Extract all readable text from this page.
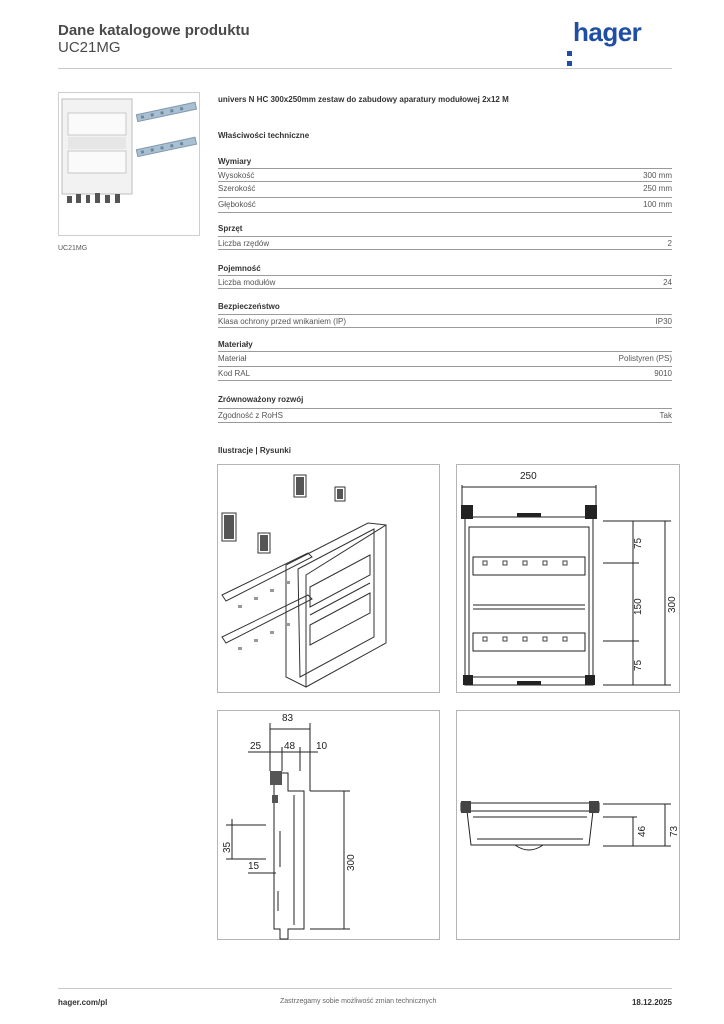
Dane katalogowe produktu
UC21MG
hager
UC21MG
univers N HC 300x250mm zestaw do zabudowy aparatury modułowej 2x12 M
Właściwości techniczne
Wymiary
Wysokość	300 mm
Szerokość	250 mm
Głębokość	100 mm
Sprzęt
Liczba rzędów	2
Pojemność
Liczba modułów	24
Bezpieczeństwo
Klasa ochrony przed wnikaniem (IP)	IP30
Materiały
Materiał	Polistyren (PS)
Kod RAL	9010
Zrównoważony rozwój
Zgodność z RoHS	Tak
Ilustracje | Rysunki
250
75
150
75
300
83
25 48 10
35
15	300
46 73
hager.com/pl	Zastrzegamy sobie możliwość zmian technicznych	18.12.2025
